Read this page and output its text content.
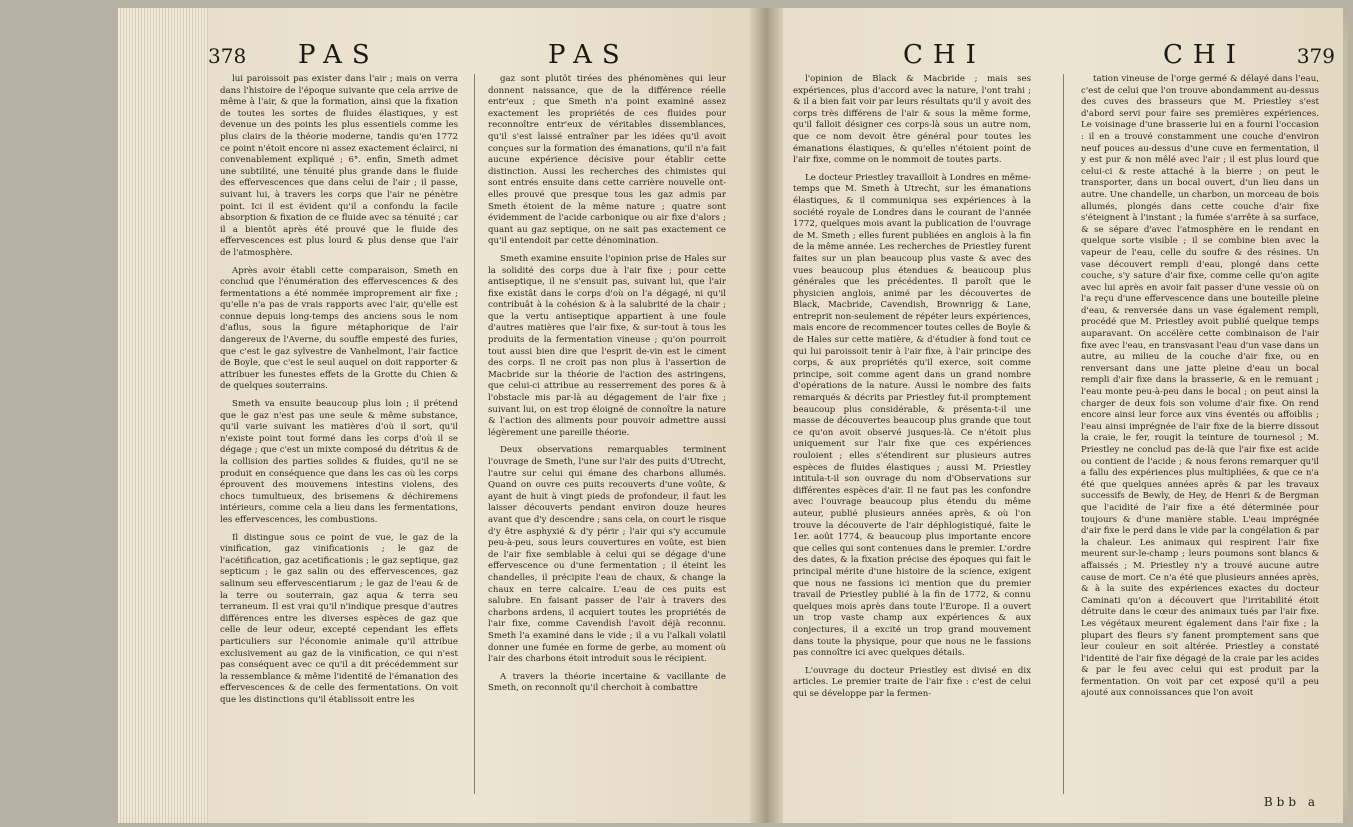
378 PAS	PAS

lui paroissoit pas exister dans l'air ; mais on verra dans l'histoire de l'époque suivante que cela arrive de même à l'air, & que la formation, ainsi que la fixation de toutes les sortes de fluides élastiques, y est devenue un des points les plus essentiels comme les plus clairs de la théorie moderne, tandis qu'en 1772 ce point n'étoit encore ni assez exactement éclairci, ni convenablement expliqué ; 6°. enfin, Smeth admet une subtilité, une ténuité plus grande dans le fluide des effervescences que dans celui de l'air ; il passe, suivant lui, à travers les corps que l'air ne pénètre point. Ici il est évident qu'il a confondu la facile absorption & fixation de ce fluide avec sa ténuité ; car il a bientôt après été prouvé que le fluide des effervescences est plus lourd & plus dense que l'air de l'atmosphère.

Après avoir établi cette comparaison, Smeth en conclud que l'énumération des effervescences & des fermentations a été nommée improprement air fixe ; qu'elle n'a pas de vrais rapports avec l'air, qu'elle est connue depuis long-temps des anciens sous le nom d'aflus, sous la figure métaphorique de l'air dangereux de l'Averne, du souffle empesté des furies, que c'est le gaz sylvestre de Vanhelmont, l'air factice de Boyle, que c'est le seul auquel on doit rapporter & attribuer les funestes effets de la Grotte du Chien & de quelques souterrains.

Smeth va ensuite beaucoup plus loin ; il prétend que le gaz n'est pas une seule & même substance, qu'il varie suivant les matières d'où il sort, qu'il n'existe point tout formé dans les corps d'où il se dégage ; que c'est un mixte composé du détritus & de la collision des parties solides & fluides, qu'il ne se produit en conséquence que dans les cas où les corps éprouvent des mouvemens intestins violens, des chocs tumultueux, des brisemens & déchiremens intérieurs, comme cela a lieu dans les fermentations, les effervescences, les combustions.

Il distingue sous ce point de vue, le gaz de la vinification, gaz vinificationis ; le gaz de l'acétification, gaz acetificationis ; le gaz septique, gaz septicum ; le gaz salin ou des effervescences, gaz salinum seu effervescentiarum ; le gaz de l'eau & de la terre ou souterrain, gaz aqua & terra seu terraneum. Il est vrai qu'il n'indique presque d'autres différences entre les diverses espèces de gaz que celle de leur odeur, excepté cependant les effets particuliers sur l'économie animale qu'il attribue exclusivement au gaz de la vinification, ce qui n'est pas conséquent avec ce qu'il a dit précédemment sur la ressemblance & même l'identité de l'émanation des effervescences & de celle des fermentations. On voit que les distinctions qu'il établissoit entre les

gaz sont plutôt tirées des phénomènes qui leur donnent naissance, que de la différence réelle entr'eux ; que Smeth n'a point examiné assez exactement les propriétés de ces fluides pour reconnoître entr'eux de véritables dissemblances, qu'il s'est laissé entraîner par les idées qu'il avoit conçues sur la formation des émanations, qu'il n'a fait aucune expérience décisive pour établir cette distinction. Aussi les recherches des chimistes qui sont entrés ensuite dans cette carrière nouvelle ont-elles prouvé que presque tous les gaz admis par Smeth étoient de la même nature ; quatre sont évidemment de l'acide carbonique ou air fixe d'alors ; quant au gaz septique, on ne sait pas exactement ce qu'il entendoit par cette dénomination.

Smeth examine ensuite l'opinion prise de Hales sur la solidité des corps due à l'air fixe ; pour cette antiseptique, il ne s'ensuit pas, suivant lui, que l'air fixe existât dans le corps d'où on l'a dégagé, ni qu'il contribuât à la cohésion & à la salubrité de la chair ; que la vertu antiseptique appartient à une foule d'autres matières que l'air fixe, & sur-tout à tous les produits de la fermentation vineuse ; qu'on pourroit tout aussi bien dire que l'esprit de-vin est le ciment des corps. Il ne croit pas non plus à l'assertion de Macbride sur la théorie de l'action des astringens, que celui-ci attribue au resserrement des pores & à l'obstacle mis par-là au dégagement de l'air fixe ; suivant lui, on est trop éloigné de connoître la nature & l'action des aliments pour pouvoir admettre aussi légèrement une pareille théorie.

Deux observations remarquables terminent l'ouvrage de Smeth, l'une sur l'air des puits d'Utrecht, l'autre sur celui qui émane des charbons allumés. Quand on ouvre ces puits recouverts d'une voûte, & ayant de huit à vingt pieds de profondeur, il faut les laisser découverts pendant environ douze heures avant que d'y descendre ; sans cela, on court le risque d'y être asphyxié & d'y périr ; l'air qui s'y accumule peu-à-peu, sous leurs couvertures en voûte, est bien de l'air fixe semblable à celui qui se dégage d'une effervescence ou d'une fermentation ; il éteint les chandelles, il précipite l'eau de chaux, & change la chaux en terre calcaire. L'eau de ces puits est salubre. En faisant passer de l'air à travers des charbons ardens, il acquiert toutes les propriétés de l'air fixe, comme Cavendish l'avoit déjà reconnu. Smeth l'a examiné dans le vide ; il a vu l'alkali volatil donner une fumée en forme de gerbe, au moment où l'air des charbons étoit introduit sous le récipient.

A travers la théorie incertaine & vacillante de Smeth, on reconnoît qu'il cherchoit à combattre

CHI	CHI	379

l'opinion de Black & Macbride ; mais ses expériences, plus d'accord avec la nature, l'ont trahi ; & il a bien fait voir par leurs résultats qu'il y avoit des corps très différens de l'air & sous la même forme, qu'il falloit désigner ces corps-là sous un autre nom, que ce nom devoit être général pour toutes les émanations élastiques, & qu'elles n'étoient point de l'air fixe, comme on le nommoit de toutes parts.

Le docteur Priestley travailloit à Londres en même-temps que M. Smeth à Utrecht, sur les émanations élastiques, & il communiqua ses expériences à la société royale de Londres dans le courant de l'année 1772, quelques mois avant la publication de l'ouvrage de M. Smeth ; elles furent publiées en anglois à la fin de la même année. Les recherches de Priestley furent faites sur un plan beaucoup plus vaste & avec des vues beaucoup plus étendues & beaucoup plus générales que les précédentes. Il paroît que le physicien anglois, animé par les découvertes de Black, Macbride, Cavendish, Brownrigg & Lane, entreprit non-seulement de répéter leurs expériences, mais encore de recommencer toutes celles de Boyle & de Hales sur cette matière, & d'étudier à fond tout ce qui lui paroissoit tenir à l'air fixe, à l'air principe des corps, & aux propriétés qu'il exerce, soit comme principe, soit comme agent dans un grand nombre d'opérations de la nature. Aussi le nombre des faits remarqués & décrits par Priestley fut-il promptement beaucoup plus considérable, & présenta-t-il une masse de découvertes beaucoup plus grande que tout ce qu'on avoit observé jusques-là. Ce n'étoit plus uniquement sur l'air fixe que ces expériences rouloient ; elles s'étendirent sur plusieurs autres espèces de fluides élastiques ; aussi M. Priestley intitula-t-il son ouvrage du nom d'Observations sur différentes espèces d'air. Il ne faut pas les confondre avec l'ouvrage beaucoup plus étendu du même auteur, publié plusieurs années après, & où l'on trouve la découverte de l'air déphlogistiqué, faite le 1er. août 1774, & beaucoup plus importante encore que celles qui sont contenues dans le premier. L'ordre des dates, & la fixation précise des époques qui fait le principal mérite d'une histoire de la science, exigent que nous ne fassions ici mention que du premier travail de Priestley publié à la fin de 1772, & connu quelques mois après dans toute l'Europe. Il a ouvert un trop vaste champ aux expériences & aux conjectures, il a excité un trop grand mouvement dans toute la physique, pour que nous ne le fassions pas connoître ici avec quelques détails.

L'ouvrage du docteur Priestley est divisé en dix articles. Le premier traite de l'air fixe : c'est de celui qui se développe par la fermen-

tation vineuse de l'orge germé & délayé dans l'eau, c'est de celui que l'on trouve abondamment au-dessus des cuves des brasseurs que M. Priestley s'est d'abord servi pour faire ses premières expériences. Le voisinage d'une brasserie lui en a fourni l'occasion : il en a trouvé constamment une couche d'environ neuf pouces au-dessus d'une cuve en fermentation, il y est pur & non mêlé avec l'air ; il est plus lourd que celui-ci & reste attaché à la bierre ; on peut le transporter, dans un bocal ouvert, d'un lieu dans un autre. Une chandelle, un charbon, un morceau de bois allumés, plongés dans cette couche d'air fixe s'éteignent à l'instant ; la fumée s'arrête à sa surface, & se sépare d'avec l'atmosphère en le rendant en quelque sorte visible ; il se combine bien avec la vapeur de l'eau, celle du soufre & des résines. Un vase découvert rempli d'eau, plongé dans cette couche, s'y sature d'air fixe, comme celle qu'on agite avec lui après en avoir fait passer d'une vessie où on l'a reçu d'une effervescence dans une bouteille pleine d'eau, & renversée dans un vase également rempli, procédé que M. Priestley avoit publié quelque temps auparavant. On accélère cette combinaison de l'air fixe avec l'eau, en transvasant l'eau d'un vase dans un autre, au milieu de la couche d'air fixe, ou en renversant dans une jatte pleine d'eau un bocal rempli d'air fixe dans la brasserie, & en le remuant ; l'eau monte peu-à-peu dans le bocal ; on peut ainsi la charger de deux fois son volume d'air fixe. On rend encore ainsi leur force aux vins éventés ou affoiblis ; l'eau ainsi imprégnée de l'air fixe de la bierre dissout la craie, le fer, rougit la teinture de tournesol ; M. Priestley ne conclud pas de-là que l'air fixe est acide ou contient de l'acide ; & nous ferons remarquer qu'il a fallu des expériences plus multipliées, & que ce n'a été que quelques années après & par les travaux successifs de Bewly, de Hey, de Henri & de Bergman que l'acidité de l'air fixe a été déterminée pour toujours & d'une manière stable. L'eau imprégnée d'air fixe le perd dans le vide par la congélation & par la chaleur. Les animaux qui respirent l'air fixe meurent sur-le-champ ; leurs poumons sont blancs & affaissés ; M. Priestley n'y a trouvé aucune autre cause de mort. Ce n'a été que plusieurs années après, & à la suite des expériences exactes du docteur Caminati qu'on a découvert que l'irritabilité étoit détruite dans le cœur des animaux tués par l'air fixe. Les végétaux meurent également dans l'air fixe ; la plupart des fleurs s'y fanent promptement sans que leur couleur en soit altérée. Priestley a constaté l'identité de l'air fixe dégagé de la craie par les acides & par le feu avec celui qui est produit par la fermentation. On voit par cet exposé qu'il a peu ajouté aux connoissances que l'on avoit

Bbb a
